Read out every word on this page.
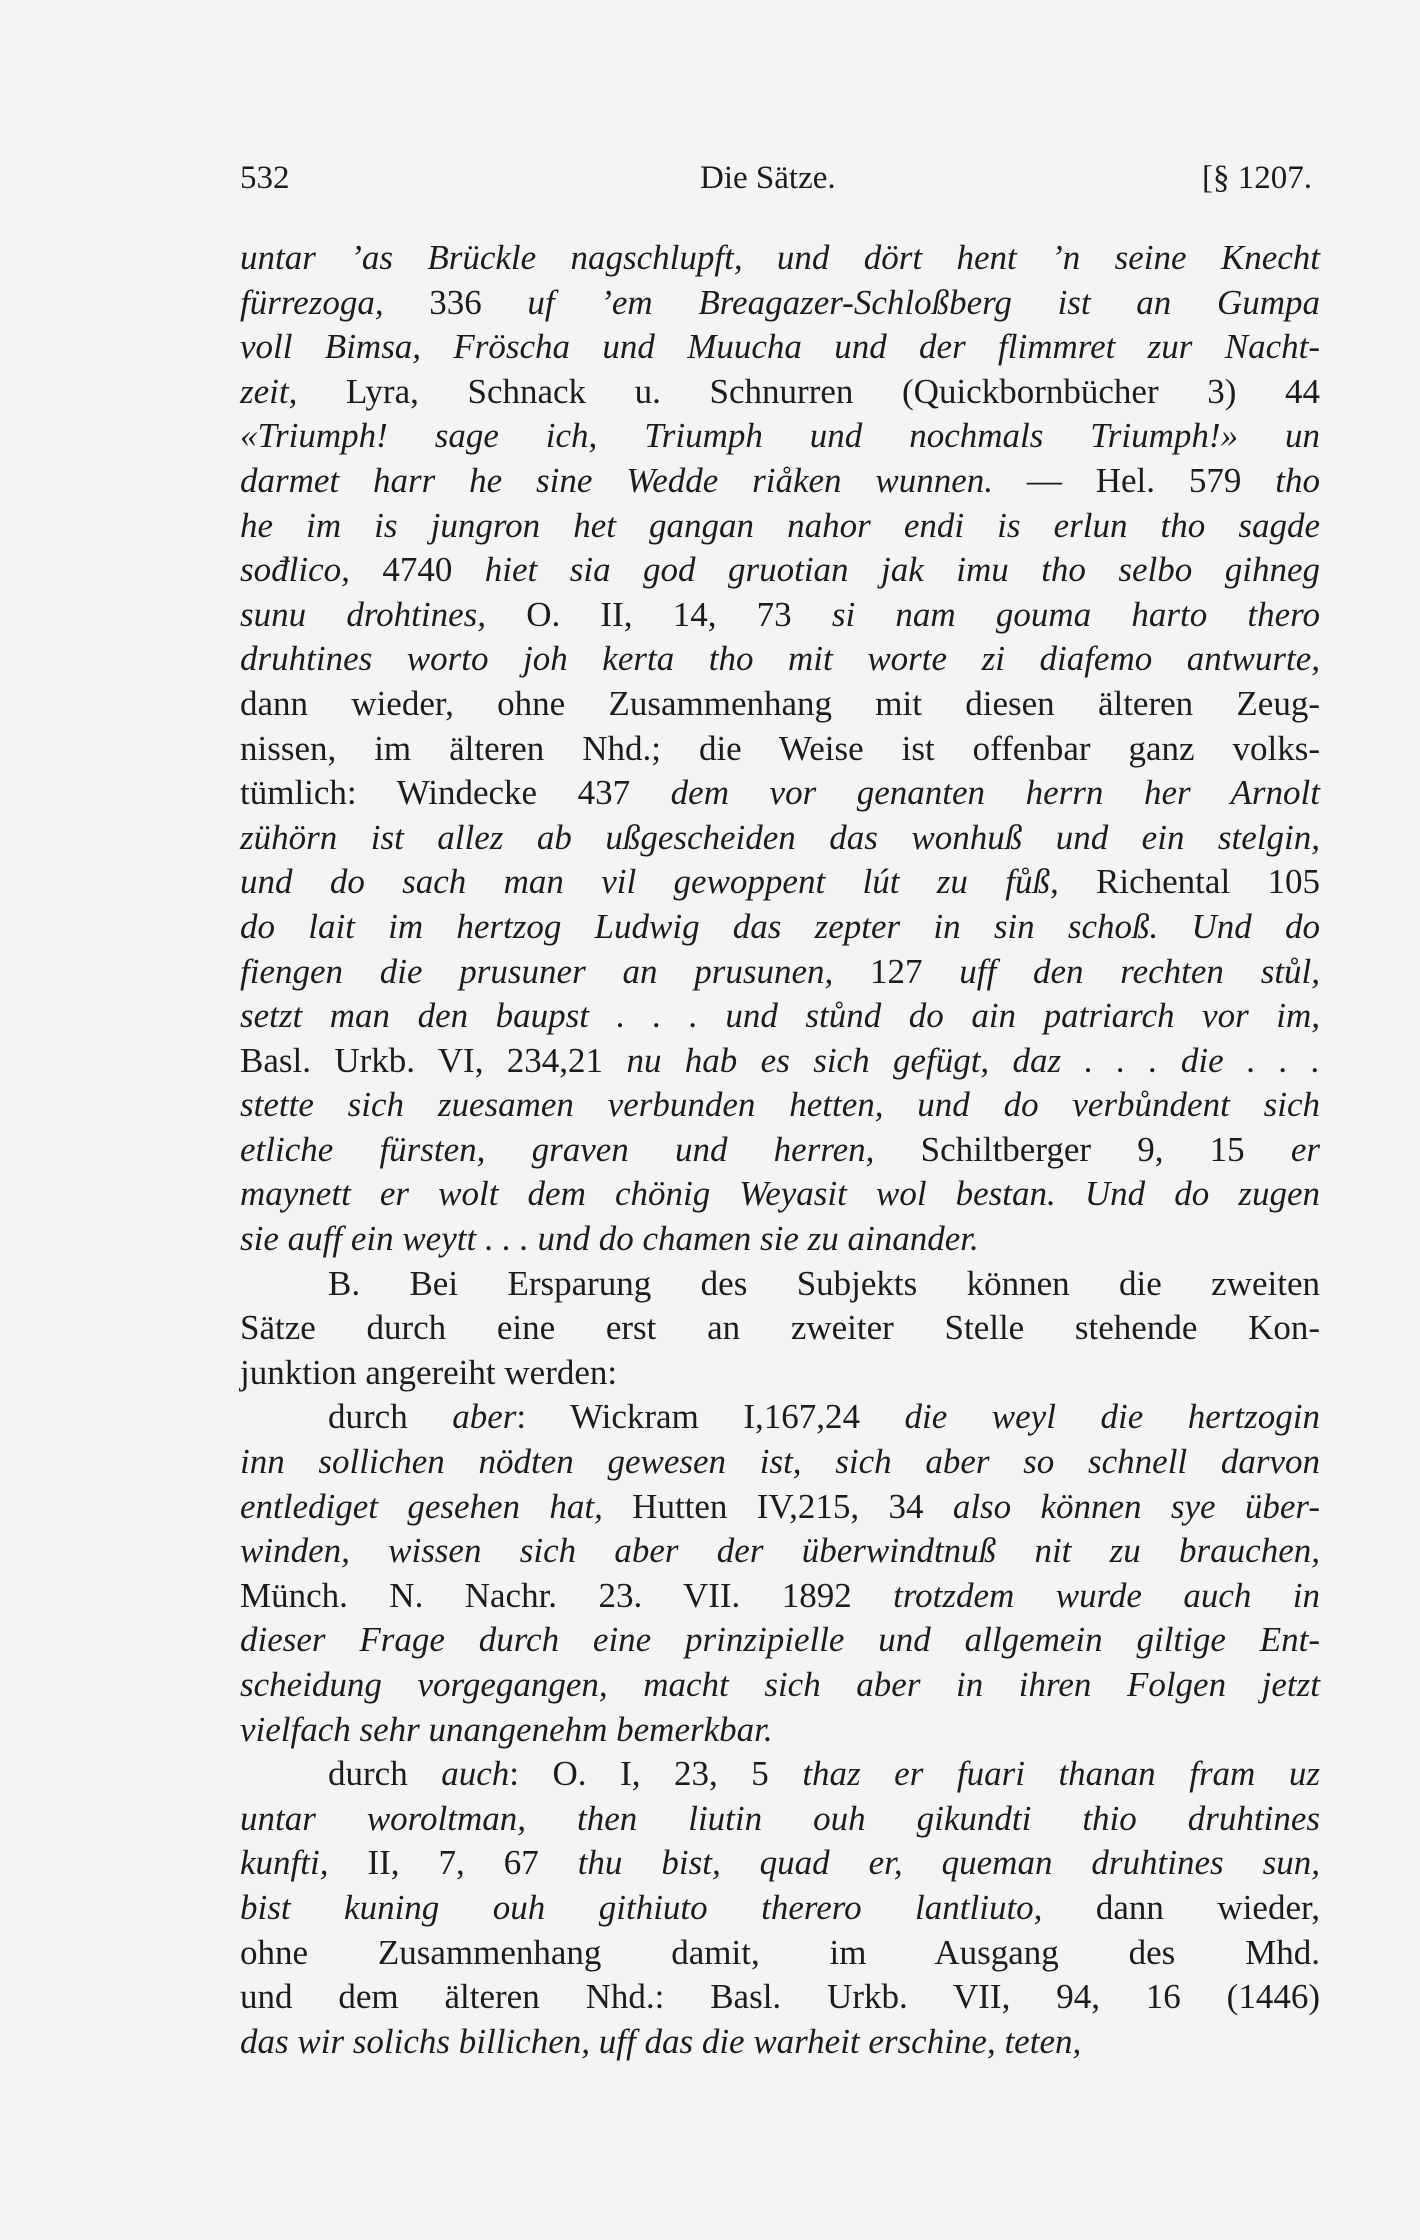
532	Die Sätze.	[§ 1207.
untar ’as Brückle nagschlupft, und dört hent ’n seine Knecht
fürrezoga, 336 uf ’em Breagazer-Schloßberg ist an Gumpa
voll Bimsa, Fröscha und Muucha und der flimmret zur Nacht-
zeit, Lyra, Schnack u. Schnurren (Quickbornbücher 3) 44
«Triumph! sage ich, Triumph und nochmals Triumph!» un
darmet harr he sine Wedde riåken wunnen. — Hel. 579 tho
he im is jungron het gangan nahor endi is erlun tho sagde
sođlico, 4740 hiet sia god gruotian jak imu tho selbo gihneg
sunu drohtines, O. II, 14, 73 si nam gouma harto thero
druhtines worto joh kerta tho mit worte zi diafemo antwurte,
dann wieder, ohne Zusammenhang mit diesen älteren Zeug-
nissen, im älteren Nhd.; die Weise ist offenbar ganz volks-
tümlich: Windecke 437 dem vor genanten herrn her Arnolt
zühörn ist allez ab ußgescheiden das wonhuß und ein stelgin,
und do sach man vil gewoppent lút zu fůß, Richental 105
do lait im hertzog Ludwig das zepter in sin schoß. Und do
fiengen die prusuner an prusunen, 127 uff den rechten stůl,
setzt man den baupst . . . und stůnd do ain patriarch vor im,
Basl. Urkb. VI, 234,21 nu hab es sich gefügt, daz . . . die . . .
stette sich zuesamen verbunden hetten, und do verbůndent sich
etliche fürsten, graven und herren, Schiltberger 9, 15 er
maynett er wolt dem chönig Weyasit wol bestan. Und do zugen
sie auff ein weytt . . . und do chamen sie zu ainander.
B. Bei Ersparung des Subjekts können die zweiten
Sätze durch eine erst an zweiter Stelle stehende Kon-
junktion angereiht werden:
durch aber: Wickram I,167,24 die weyl die hertzogin
inn sollichen nödten gewesen ist, sich aber so schnell darvon
entlediget gesehen hat, Hutten IV,215, 34 also können sye über-
winden, wissen sich aber der überwindtnuß nit zu brauchen,
Münch. N. Nachr. 23. VII. 1892 trotzdem wurde auch in
dieser Frage durch eine prinzipielle und allgemein giltige Ent-
scheidung vorgegangen, macht sich aber in ihren Folgen jetzt
vielfach sehr unangenehm bemerkbar.
durch auch: O. I, 23, 5 thaz er fuari thanan fram uz
untar woroltman, then liutin ouh gikundti thio druhtines
kunfti, II, 7, 67 thu bist, quad er, queman druhtines sun,
bist kuning ouh githiuto therero lantliuto, dann wieder,
ohne Zusammenhang damit, im Ausgang des Mhd.
und dem älteren Nhd.: Basl. Urkb. VII, 94, 16 (1446)
das wir solichs billichen, uff das die warheit erschine, teten,
